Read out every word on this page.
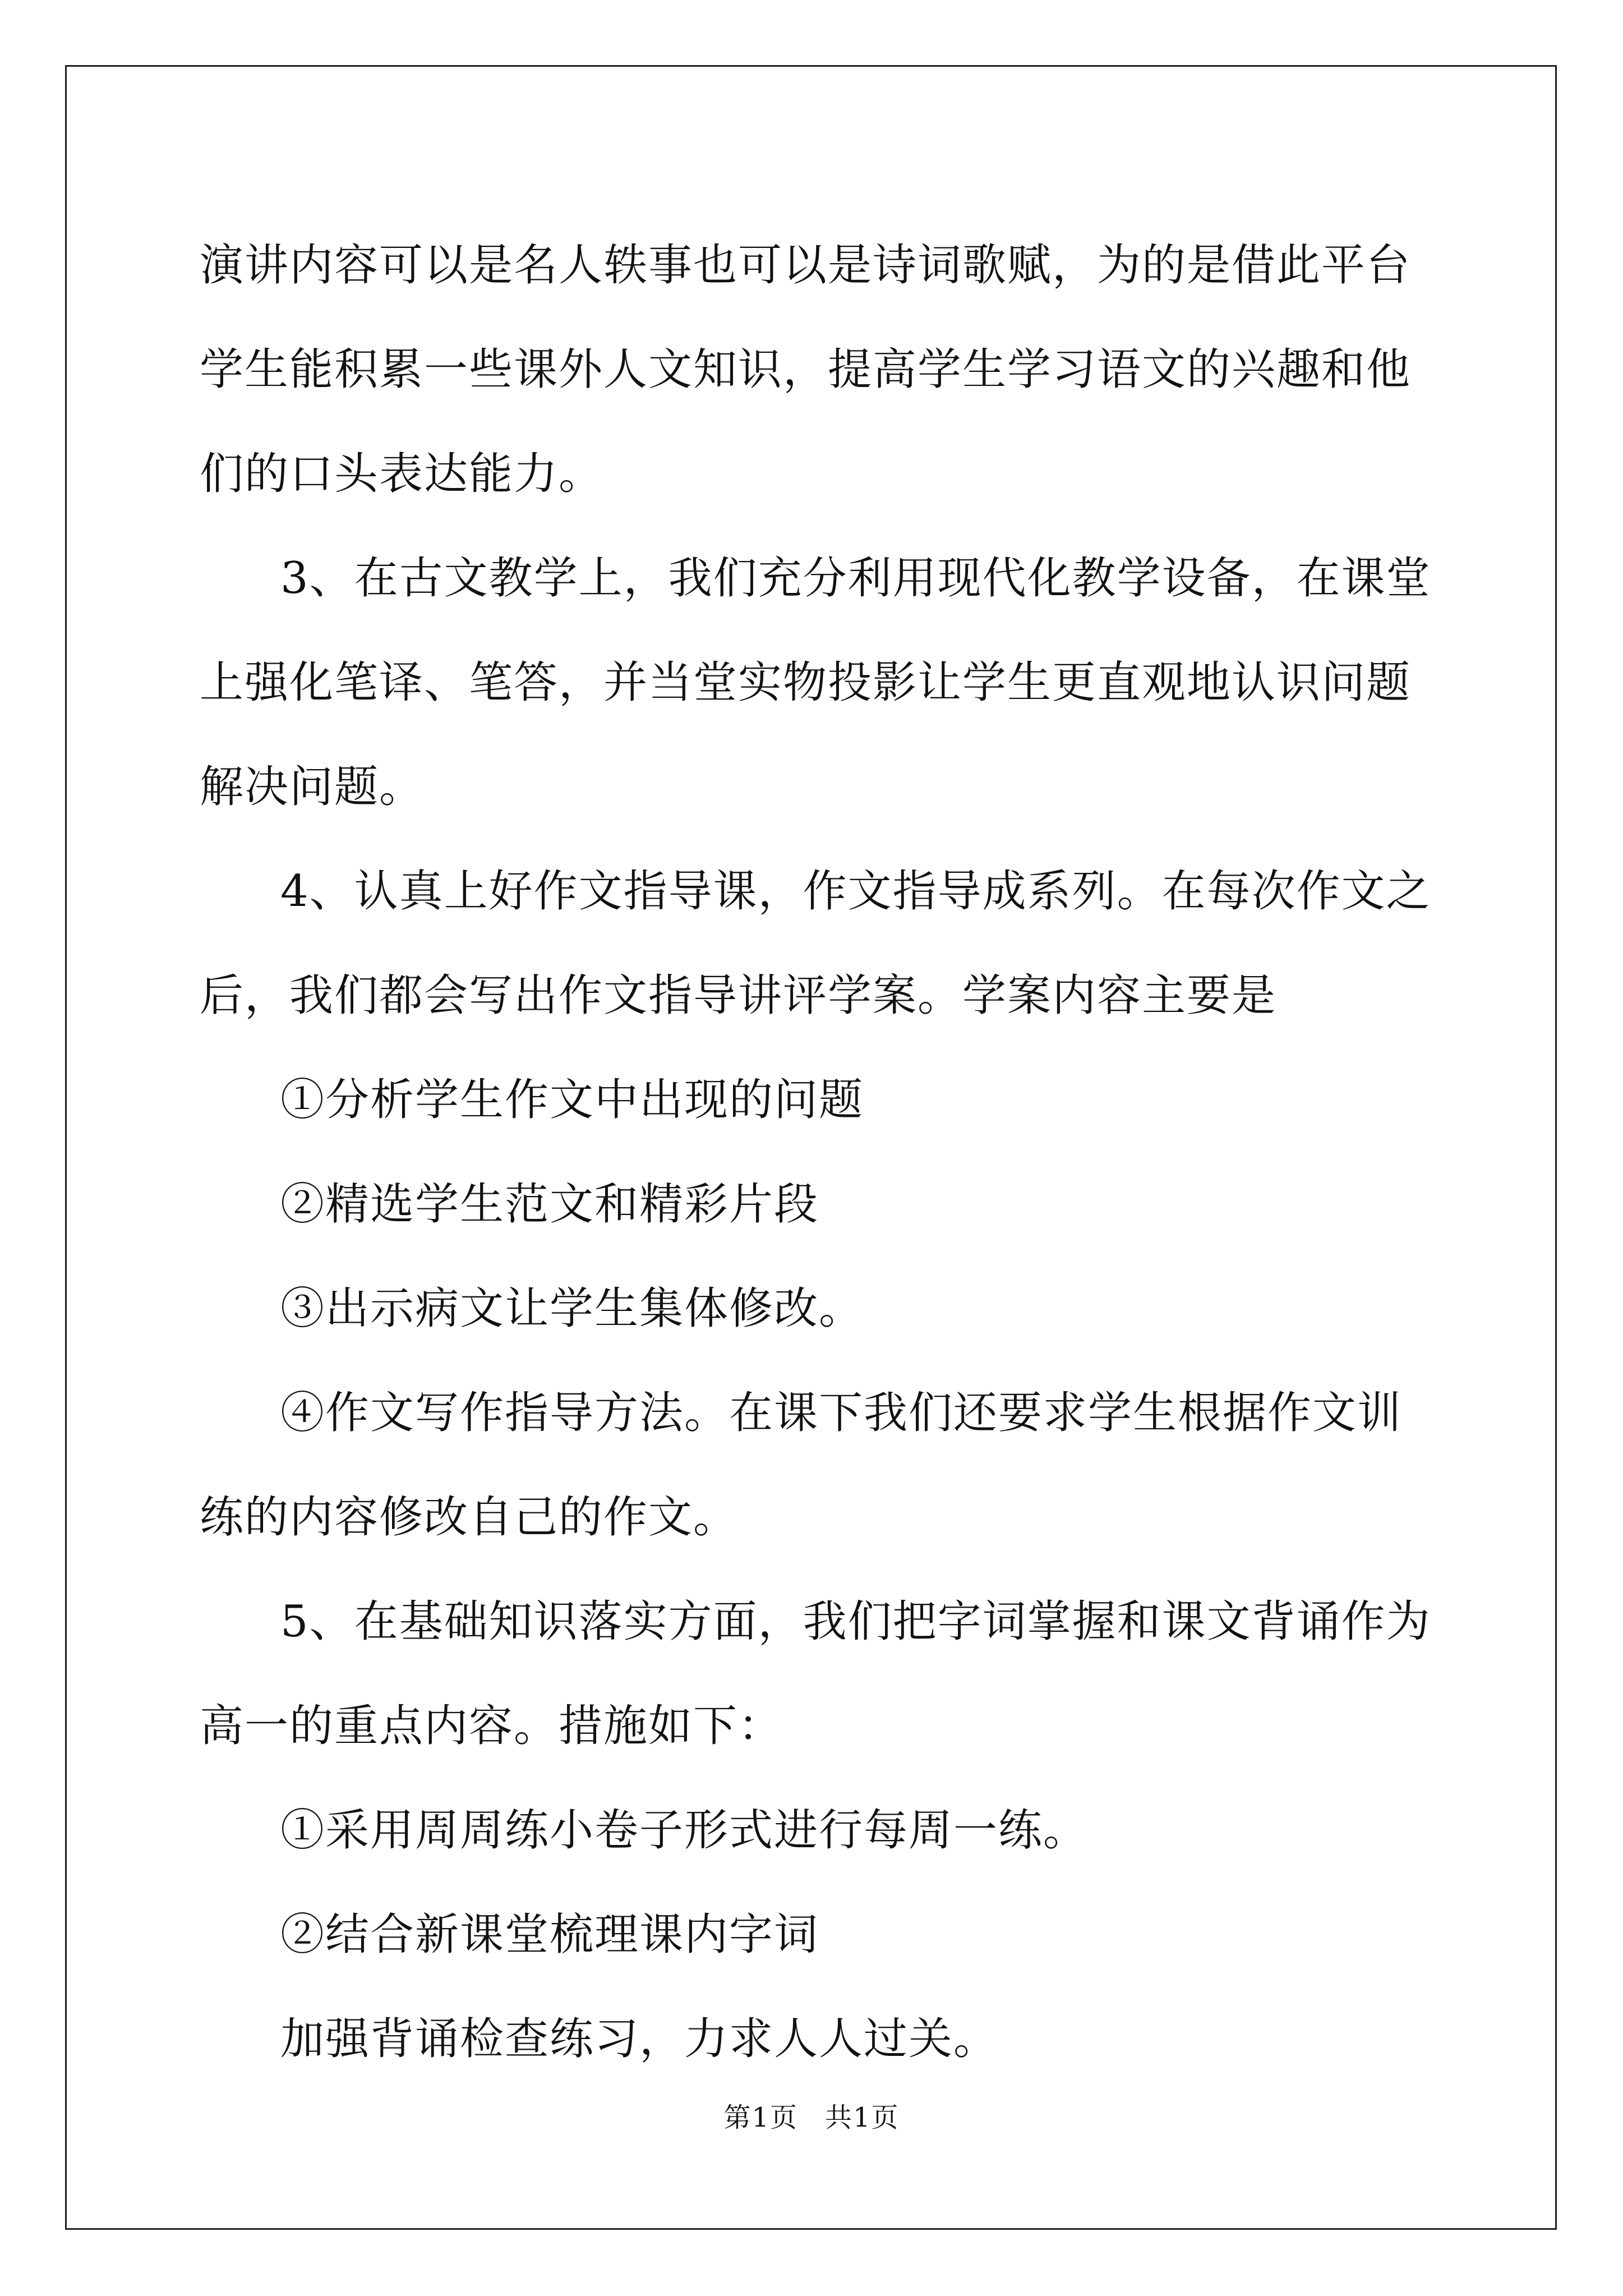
演讲内容可以是名人轶事也可以是诗词歌赋，为的是借此平台学生能积累一些课外人文知识，提高学生学习语文的兴趣和他们的口头表达能力。

3、在古文教学上，我们充分利用现代化教学设备，在课堂上强化笔译、笔答，并当堂实物投影让学生更直观地认识问题解决问题。

4、认真上好作文指导课，作文指导成系列。在每次作文之后，我们都会写出作文指导讲评学案。学案内容主要是

①分析学生作文中出现的问题

②精选学生范文和精彩片段

③出示病文让学生集体修改。

④作文写作指导方法。在课下我们还要求学生根据作文训练的内容修改自己的作文。

5、在基础知识落实方面，我们把字词掌握和课文背诵作为高一的重点内容。措施如下：

①采用周周练小卷子形式进行每周一练。

②结合新课堂梳理课内字词

加强背诵检查练习，力求人人过关。

第1页 共1页
